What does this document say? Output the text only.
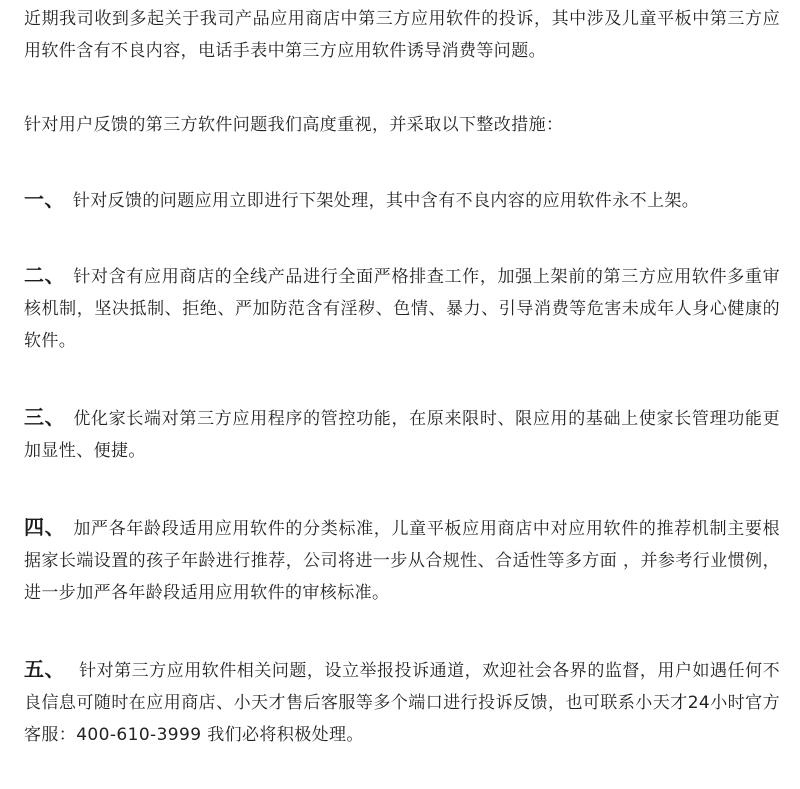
近期我司收到多起关于我司产品应用商店中第三方应用软件的投诉，其中涉及儿童平板中第三方应用软件含有不良内容，电话手表中第三方应用软件诱导消费等问题。

针对用户反馈的第三方软件问题我们高度重视，并采取以下整改措施：

一、 针对反馈的问题应用立即进行下架处理，其中含有不良内容的应用软件永不上架。

二、 针对含有应用商店的全线产品进行全面严格排查工作，加强上架前的第三方应用软件多重审核机制，坚决抵制、拒绝、严加防范含有淫秽、色情、暴力、引导消费等危害未成年人身心健康的软件。

三、 优化家长端对第三方应用程序的管控功能，在原来限时、限应用的基础上使家长管理功能更加显性、便捷。

四、 加严各年龄段适用应用软件的分类标准，儿童平板应用商店中对应用软件的推荐机制主要根据家长端设置的孩子年龄进行推荐，公司将进一步从合规性、合适性等多方面 ，并参考行业惯例，进一步加严各年龄段适用应用软件的审核标准。

五、 针对第三方应用软件相关问题，设立举报投诉通道，欢迎社会各界的监督，用户如遇任何不良信息可随时在应用商店、小天才售后客服等多个端口进行投诉反馈，也可联系小天才24小时官方客服：400-610-3999 我们必将积极处理。
